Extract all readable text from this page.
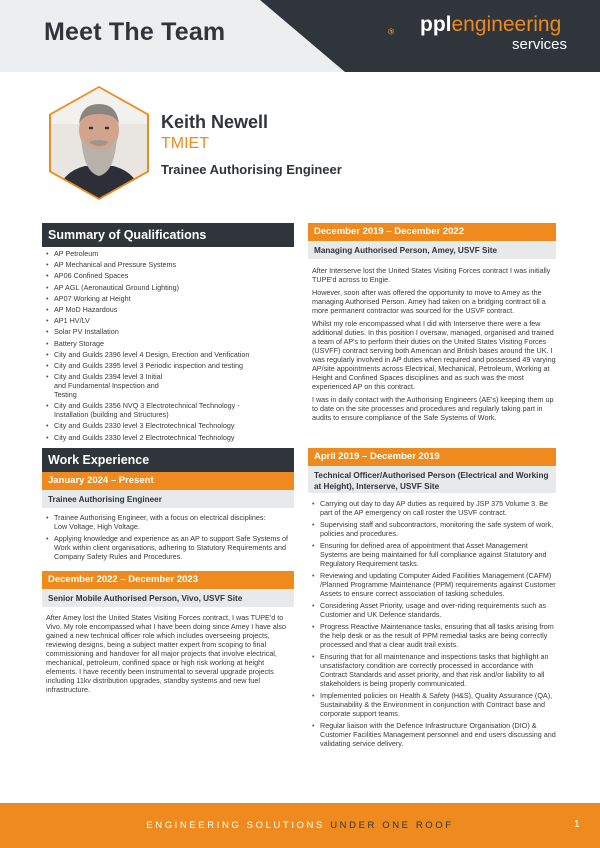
Meet The Team	pplengineering
services
Keith Newell
TMIET
Trainee Authorising Engineer
Summary of Qualifications
• AP Petroleum
• AP Mechanical and Pressure Systems
• AP06 Confined Spaces
• AP AGL (Aeronautical Ground Lighting)
• AP07 Working at Height
• AP MoD Hazardous
• AP1 HV/LV
• Solar PV Installation
• Battery Storage
• City and Guilds 2396 level 4 Design, Erection and Verification
• City and Guilds 2395 level 3 Periodic inspection and testing
• City and Guilds 2394 level 3 Initial and Fundamental Inspection and Testing
• City and Guilds 2356 NVQ 3 Electrotechnical Technology - Installation (building and Structures)
• City and Guilds 2330 level 3 Electrotechnical Technology
• City and Guilds 2330 level 2 Electrotechnical Technology
Work Experience
January 2024 – Present
Trainee Authorising Engineer
• Trainee Authorising Engineer, with a focus on electrical disciplines: Low Voltage, High Voltage.
• Applying knowledge and experience as an AP to support Safe Systems of Work within client organisations, adhering to Statutory Requirements and Company Safety Rules and Procedures.
December 2022 – December 2023
Senior Mobile Authorised Person, Vivo, USVF Site

After Amey lost the United States Visiting Forces contract, I was TUPE'd to Vivo. My role encompassed what I have been doing since Amey I have also gained a new technical officer role which includes overseeing projects, reviewing designs, being a subject matter expert from scoping to final commissioning and handover for all major projects that involve electrical, mechanical, petroleum, confined space or high risk working at height elements. I have recently been instrumental to several upgrade projects including 11kv distribution upgrades, standby systems and new fuel infrastructure.

December 2019 – December 2022
Managing Authorised Person, Amey, USVF Site

After Interserve lost the United States Visiting Forces contract I was initially TUPE'd across to Engie.

However, soon after was offered the opportunity to move to Amey as the managing Authorised Person. Amey had taken on a bridging contract till a more permanent contractor was sourced for the USVF contract.

Whilst my role encompassed what I did with Interserve there were a few additional duties. In this position I oversaw, managed, organised and trained a team of AP's to perform their duties on the United States Visiting Forces (USVFF) contract serving both American and British bases around the UK. I was regularly involved in AP duties when required and possessed 49 varying AP/site appointments across Electrical, Mechanical, Petroleum, Working at Height and Confined Spaces disciplines and as such was the most experienced AP on this contract.

I was in daily contact with the Authorising Engineers (AE's) keeping them up to date on the site processes and procedures and regularly taking part in audits to ensure compliance of the Safe Systems of Work.

April 2019 – December 2019
Technical Officer/Authorised Person (Electrical and Working at Height), Interserve, USVF Site
• Carrying out day to day AP duties as required by JSP 375 Volume 3. Be part of the AP emergency on call roster the USVF contract.
• Supervising staff and subcontractors, monitoring the safe system of work, policies and procedures.
• Ensuring for defined area of appointment that Asset Management Systems are being maintained for full compliance against Statutory and Regulatory Requirement tasks.
• Reviewing and updating Computer Aided Facilities Management (CAFM) /Planned Programme Maintenance (PPM) requirements against Customer Assets to ensure correct association of tasking schedules.
• Considering Asset Priority, usage and over-riding requirements such as Customer and UK Defence standards.
• Progress Reactive Maintenance tasks, ensuring that all tasks arising from the help desk or as the result of PPM remedial tasks are being correctly processed and that a clear audit trail exists.
• Ensuring that for all maintenance and inspections tasks that highlight an unsatisfactory condition are correctly processed in accordance with Contract Standards and asset priority, and that risk and/or liability to all stakeholders is being properly communicated.
• Implemented policies on Health & Safety (H&S), Quality Assurance (QA), Sustainability & the Environment in conjunction with Contract base and corporate support teams.
• Regular liaison with the Defence Infrastructure Organisation (DIO) & Customer Facilities Management personnel and end users discussing and validating service delivery.
ENGINEERING SOLUTIONS UNDER ONE ROOF	1
